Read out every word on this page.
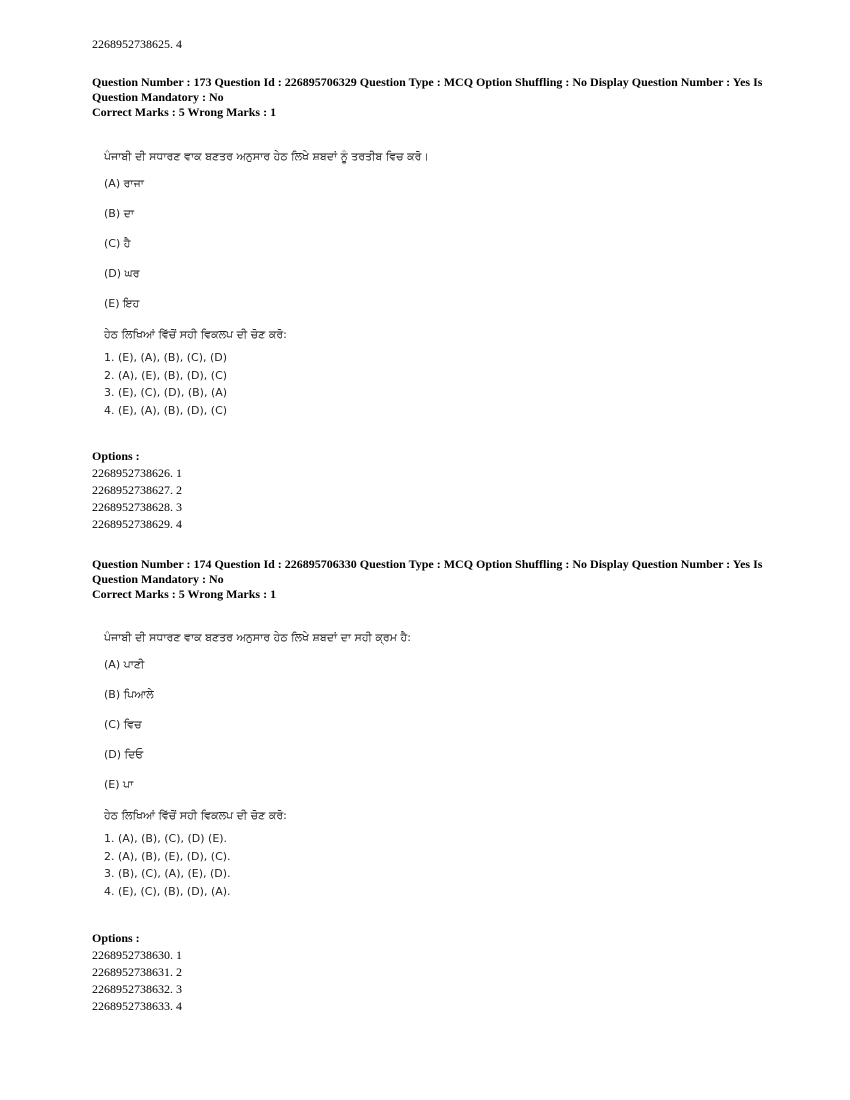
2268952738625. 4
Question Number : 173 Question Id : 226895706329 Question Type : MCQ Option Shuffling : No Display Question Number : Yes Is
Question Mandatory : No
Correct Marks : 5 Wrong Marks : 1
ਪੰਜਾਬੀ ਦੀ ਸਧਾਰਣ ਵਾਕ ਬਣਤਰ ਅਨੁਸਾਰ ਹੇਠ ਲਿਖੇ ਸ਼ਬਦਾਂ ਨੂੰ ਤਰਤੀਬ ਵਿਚ ਕਰੋ।
(A) ਰਾਜਾ
(B) ਦਾ
(C) ਹੈ
(D) ਘਰ
(E) ਇਹ
ਹੇਠ ਲਿਖਿਆਂ ਵਿੱਚੋਂ ਸਹੀ ਵਿਕਲਪ ਦੀ ਚੋਣ ਕਰੋ:
1. (E), (A), (B), (C), (D)
2. (A), (E), (B), (D), (C)
3. (E), (C), (D), (B), (A)
4. (E), (A), (B), (D), (C)
Options :
2268952738626. 1
2268952738627. 2
2268952738628. 3
2268952738629. 4
Question Number : 174 Question Id : 226895706330 Question Type : MCQ Option Shuffling : No Display Question Number : Yes Is
Question Mandatory : No
Correct Marks : 5 Wrong Marks : 1
ਪੰਜਾਬੀ ਦੀ ਸਧਾਰਣ ਵਾਕ ਬਣਤਰ ਅਨੁਸਾਰ ਹੇਠ ਲਿਖੇ ਸ਼ਬਦਾਂ ਦਾ ਸਹੀ ਕ੍ਰਮ ਹੈ:
(A) ਪਾਣੀ
(B) ਪਿਆਲੇ
(C) ਵਿਚ
(D) ਦਿਓ
(E) ਪਾ
ਹੇਠ ਲਿਖਿਆਂ ਵਿੱਚੋਂ ਸਹੀ ਵਿਕਲਪ ਦੀ ਚੋਣ ਕਰੋ:
1. (A), (B), (C), (D) (E).
2. (A), (B), (E), (D), (C).
3. (B), (C), (A), (E), (D).
4. (E), (C), (B), (D), (A).
Options :
2268952738630. 1
2268952738631. 2
2268952738632. 3
2268952738633. 4
